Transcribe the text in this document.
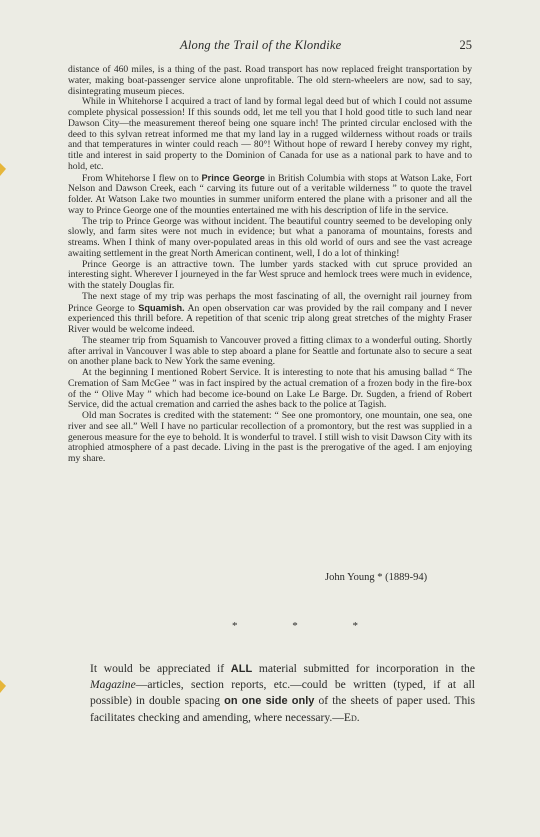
Along the Trail of the Klondike	25

distance of 460 miles, is a thing of the past. Road transport has now replaced freight transportation by water, making boat-passenger service alone unprofitable. The old stern-wheelers are now, sad to say, disintegrating museum pieces.

While in Whitehorse I acquired a tract of land by formal legal deed but of which I could not assume complete physical possession! If this sounds odd, let me tell you that I hold good title to such land near Dawson City—the measurement thereof being one square inch! The printed circular enclosed with the deed to this sylvan retreat informed me that my land lay in a rugged wilderness without roads or trails and that temperatures in winter could reach — 80°! Without hope of reward I hereby convey my right, title and interest in said property to the Dominion of Canada for use as a national park to have and to hold, etc.

From Whitehorse I flew on to Prince George in British Columbia with stops at Watson Lake, Fort Nelson and Dawson Creek, each “ carving its future out of a veritable wilderness ” to quote the travel folder. At Watson Lake two mounties in summer uniform entered the plane with a prisoner and all the way to Prince George one of the mounties entertained me with his description of life in the service.

The trip to Prince George was without incident. The beautiful country seemed to be developing only slowly, and farm sites were not much in evidence; but what a panorama of mountains, forests and streams. When I think of many over-populated areas in this old world of ours and see the vast acreage awaiting settlement in the great North American continent, well, I do a lot of thinking!

Prince George is an attractive town. The lumber yards stacked with cut spruce provided an interesting sight. Wherever I journeyed in the far West spruce and hemlock trees were much in evidence, with the stately Douglas fir.

The next stage of my trip was perhaps the most fascinating of all, the overnight rail journey from Prince George to Squamish. An open observation car was provided by the rail company and I never experienced this thrill before. A repetition of that scenic trip along great stretches of the mighty Fraser River would be welcome indeed.

The steamer trip from Squamish to Vancouver proved a fitting climax to a wonderful outing. Shortly after arrival in Vancouver I was able to step aboard a plane for Seattle and fortunate also to secure a seat on another plane back to New York the same evening.

At the beginning I mentioned Robert Service. It is interesting to note that his amusing ballad “ The Cremation of Sam McGee ” was in fact inspired by the actual cremation of a frozen body in the fire-box of the “ Olive May ” which had become ice-bound on Lake Le Barge. Dr. Sugden, a friend of Robert Service, did the actual cremation and carried the ashes back to the police at Tagish.

Old man Socrates is credited with the statement: “ See one promontory, one mountain, one sea, one river and see all.” Well I have no particular recollection of a promontory, but the rest was supplied in a generous measure for the eye to behold. It is wonderful to travel. I still wish to visit Dawson City with its atrophied atmosphere of a past decade. Living in the past is the prerogative of the aged. I am enjoying my share.

John Young * (1889-94)
* * *

It would be appreciated if ALL material submitted for incorporation in the Magazine—articles, section reports, etc.—could be written (typed, if at all possible) in double spacing on one side only of the sheets of paper used. This facilitates checking and amending, where necessary.—Ed.
